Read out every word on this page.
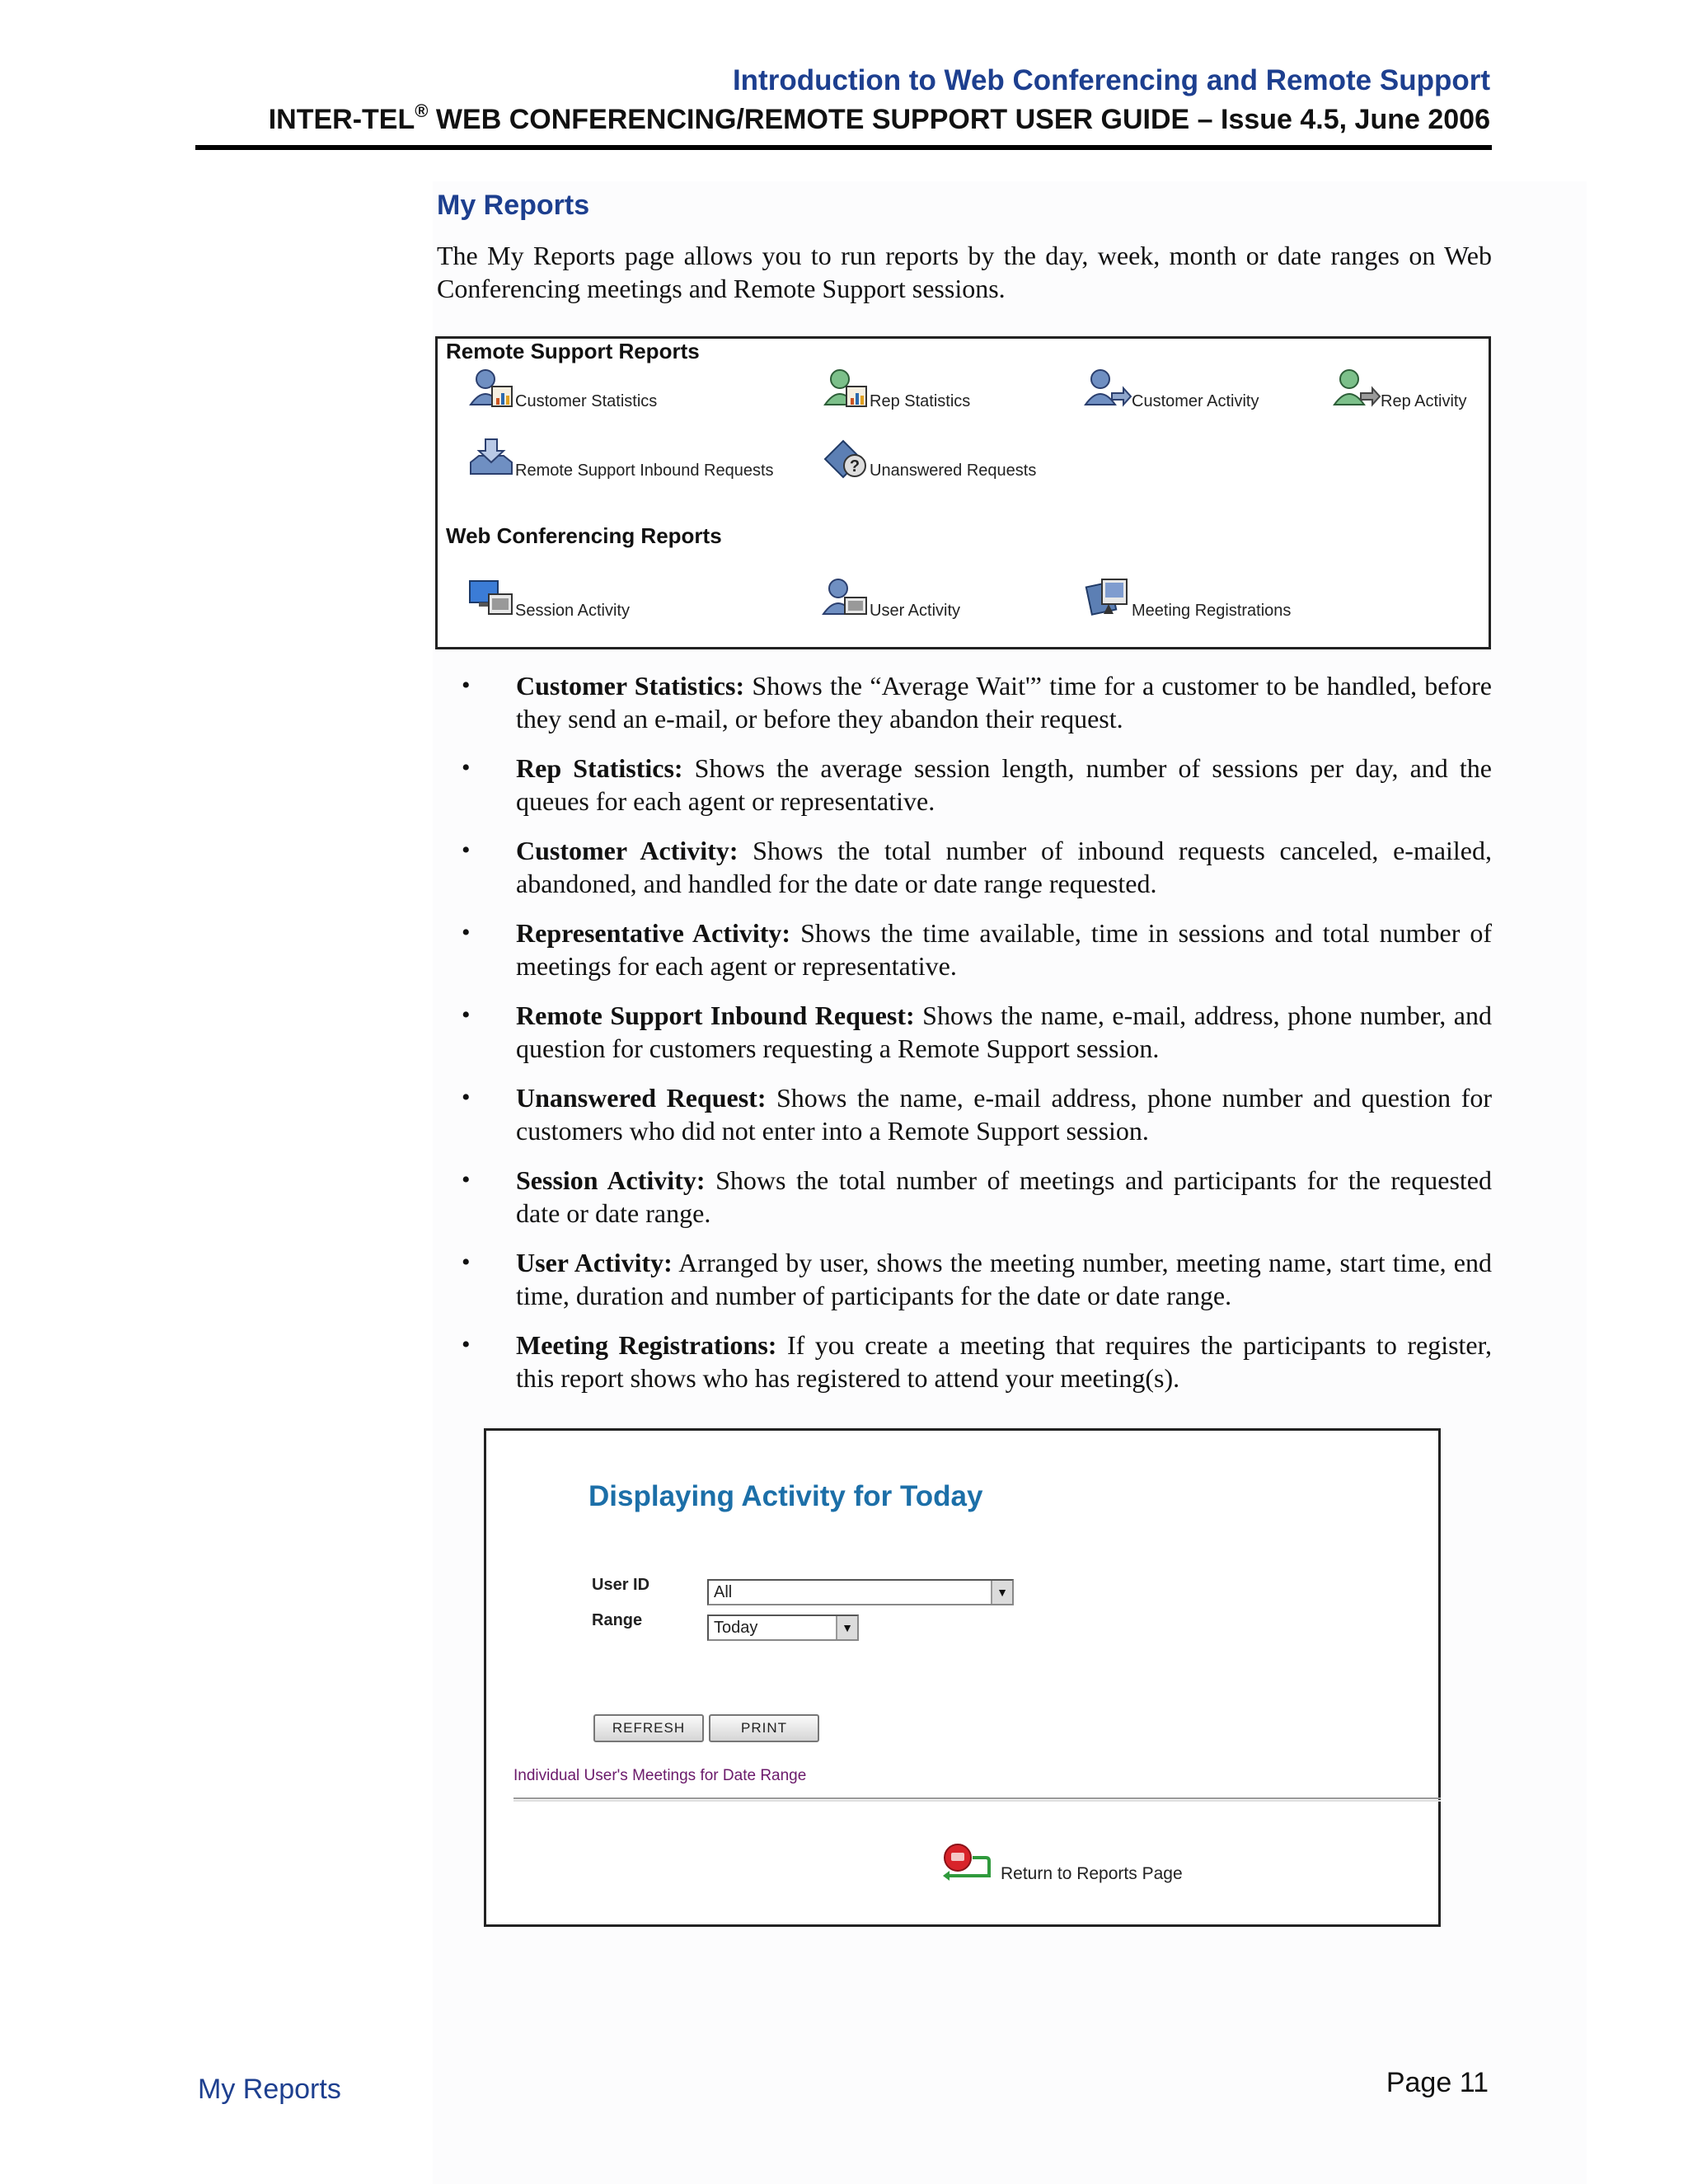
Introduction to Web Conferencing and Remote Support
INTER-TEL® WEB CONFERENCING/REMOTE SUPPORT USER GUIDE – Issue 4.5, June 2006
My Reports

The My Reports page allows you to run reports by the day, week, month or date ranges on Web Conferencing meetings and Remote Support sessions.

Remote Support Reports
Customer Statistics	Rep Statistics	Customer Activity	Rep Activity
Remote Support Inbound Requests	? Unanswered Requests
Web Conferencing Reports
Session Activity	User Activity	Meeting Registrations
• Customer Statistics: Shows the “Average Wait'” time for a customer to be handled, before they send an e-mail, or before they abandon their request.
• Rep Statistics: Shows the average session length, number of sessions per day, and the queues for each agent or representative.
• Customer Activity: Shows the total number of inbound requests canceled, e-mailed, abandoned, and handled for the date or date range requested.
• Representative Activity: Shows the time available, time in sessions and total number of meetings for each agent or representative.
• Remote Support Inbound Request: Shows the name, e-mail, address, phone number, and question for customers requesting a Remote Support session.
• Unanswered Request: Shows the name, e-mail address, phone number and question for customers who did not enter into a Remote Support session.
• Session Activity: Shows the total number of meetings and participants for the requested date or date range.
• User Activity: Arranged by user, shows the meeting number, meeting name, start time, end time, duration and number of participants for the date or date range.
• Meeting Registrations: If you create a meeting that requires the participants to register, this report shows who has registered to attend your meeting(s).
Displaying Activity for Today
User ID	All	▼
Range	Today	▼
REFRESH	PRINT
Individual User's Meetings for Date Range
Return to Reports Page
My Reports	Page 11
